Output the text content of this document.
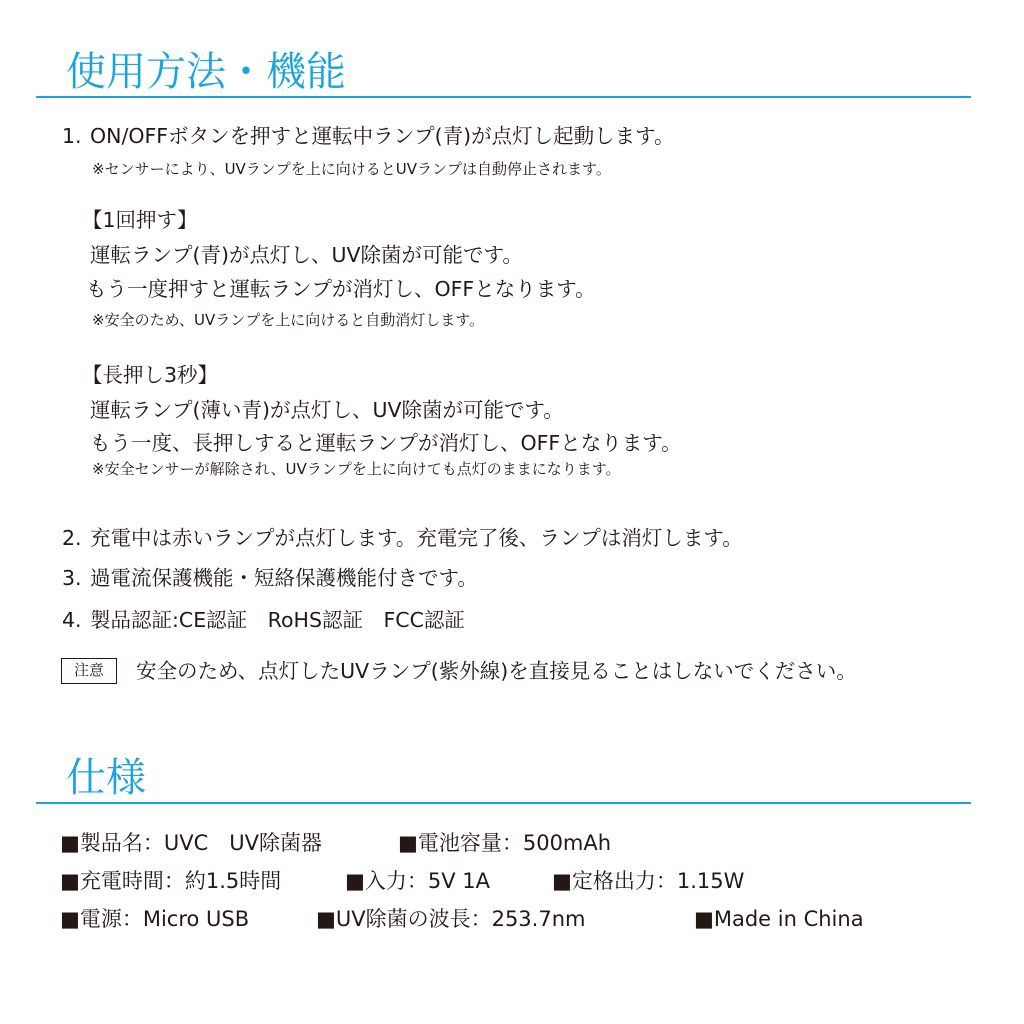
使用方法・機能
1. ON/OFFボタンを押すと運転中ランプ(青)が点灯し起動します。
※センサーにより、UVランプを上に向けるとUVランプは自動停止されます。
【1回押す】
運転ランプ(青)が点灯し、UV除菌が可能です。
もう一度押すと運転ランプが消灯し、OFFとなります。
※安全のため、UVランプを上に向けると自動消灯します。
【長押し3秒】
運転ランプ(薄い青)が点灯し、UV除菌が可能です。
もう一度、長押しすると運転ランプが消灯し、OFFとなります。
※安全センサーが解除され、UVランプを上に向けても点灯のままになります。
2. 充電中は赤いランプが点灯します。充電完了後、ランプは消灯します。
3. 過電流保護機能・短絡保護機能付きです。
4. 製品認証:CE認証　RoHS認証　FCC認証
注意	安全のため、点灯したUVランプ(紫外線)を直接見ることはしないでください。
仕様
■製品名：UVC　UV除菌器	■電池容量：500mAh
■充電時間：約1.5時間	■入力：5V 1A	■定格出力：1.15W
■電源：Micro USB	■UV除菌の波長：253.7nm	■Made in China
